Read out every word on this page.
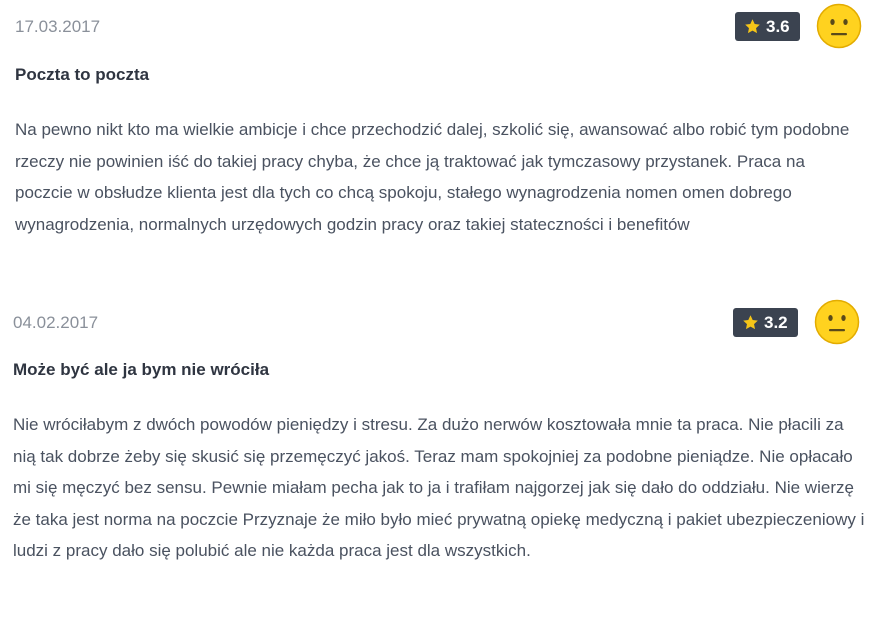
17.03.2017	3.6
Poczta to poczta

Na pewno nikt kto ma wielkie ambicje i chce przechodzić dalej, szkolić się, awansować albo robić tym podobne rzeczy nie powinien iść do takiej pracy chyba, że chce ją traktować jak tymczasowy przystanek. Praca na poczcie w obsłudze klienta jest dla tych co chcą spokoju, stałego wynagrodzenia nomen omen dobrego wynagrodzenia, normalnych urzędowych godzin pracy oraz takiej stateczności i benefitów

04.02.2017	3.2
Może być ale ja bym nie wróciła

Nie wróciłabym z dwóch powodów pieniędzy i stresu. Za dużo nerwów kosztowała mnie ta praca. Nie płacili za nią tak dobrze żeby się skusić się przemęczyć jakoś. Teraz mam spokojniej za podobne pieniądze. Nie opłacało mi się męczyć bez sensu. Pewnie miałam pecha jak to ja i trafiłam najgorzej jak się dało do oddziału. Nie wierzę że taka jest norma na poczcie Przyznaje że miło było mieć prywatną opiekę medyczną i pakiet ubezpieczeniowy i ludzi z pracy dało się polubić ale nie każda praca jest dla wszystkich.
